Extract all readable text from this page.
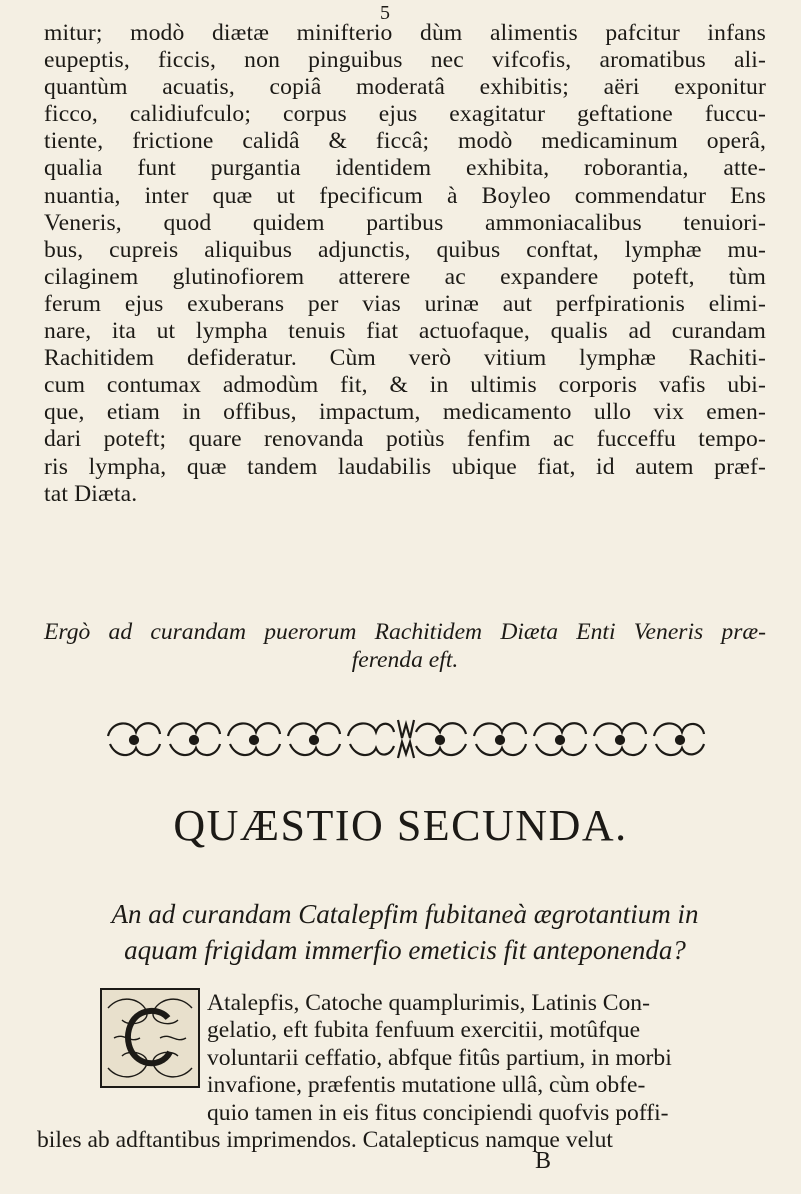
5
mitur; modò diætæ minifterio dùm alimentis pafcitur infans
eupeptis, ficcis, non pinguibus nec vifcofis, aromatibus ali-
quantùm acuatis, copiâ moderatâ exhibitis; aëri exponitur
ficco, calidiufculo; corpus ejus exagitatur geftatione fuccu-
tiente, frictione calidâ & ficcâ; modò medicaminum operâ,
qualia funt purgantia identidem exhibita, roborantia, atte-
nuantia, inter quæ ut fpecificum à Boyleo commendatur Ens
Veneris, quod quidem partibus ammoniacalibus tenuiori-
bus, cupreis aliquibus adjunctis, quibus conftat, lymphæ mu-
cilaginem glutinofiorem atterere ac expandere poteft, tùm
ferum ejus exuberans per vias urinæ aut perfpirationis elimi-
nare, ita ut lympha tenuis fiat actuofaque, qualis ad curandam
Rachitidem defideratur. Cùm verò vitium lymphæ Rachiti-
cum contumax admodùm fit, & in ultimis corporis vafis ubi-
que, etiam in offibus, impactum, medicamento ullo vix emen-
dari poteft; quare renovanda potiùs fenfim ac fucceffu tempo-
ris lympha, quæ tandem laudabilis ubique fiat, id autem præf-
tat Diæta.
Ergò ad curandam puerorum Rachitidem Diæta Enti Veneris præ-
ferenda eft.
QUÆSTIO SECUNDA.
An ad curandam Catalepfim fubitaneà ægrotantium in
aquam frigidam immerfio emeticis fit anteponenda?
Atalepfis, Catoche quamplurimis, Latinis Con-
gelatio, eft fubita fenfuum exercitii, motûfque
voluntarii ceffatio, abfque fitûs partium, in morbi
invafione, præfentis mutatione ullâ, cùm obfe-
quio tamen in eis fitus concipiendi quofvis poffi-
biles ab adftantibus imprimendos. Catalepticus namque velut
B
